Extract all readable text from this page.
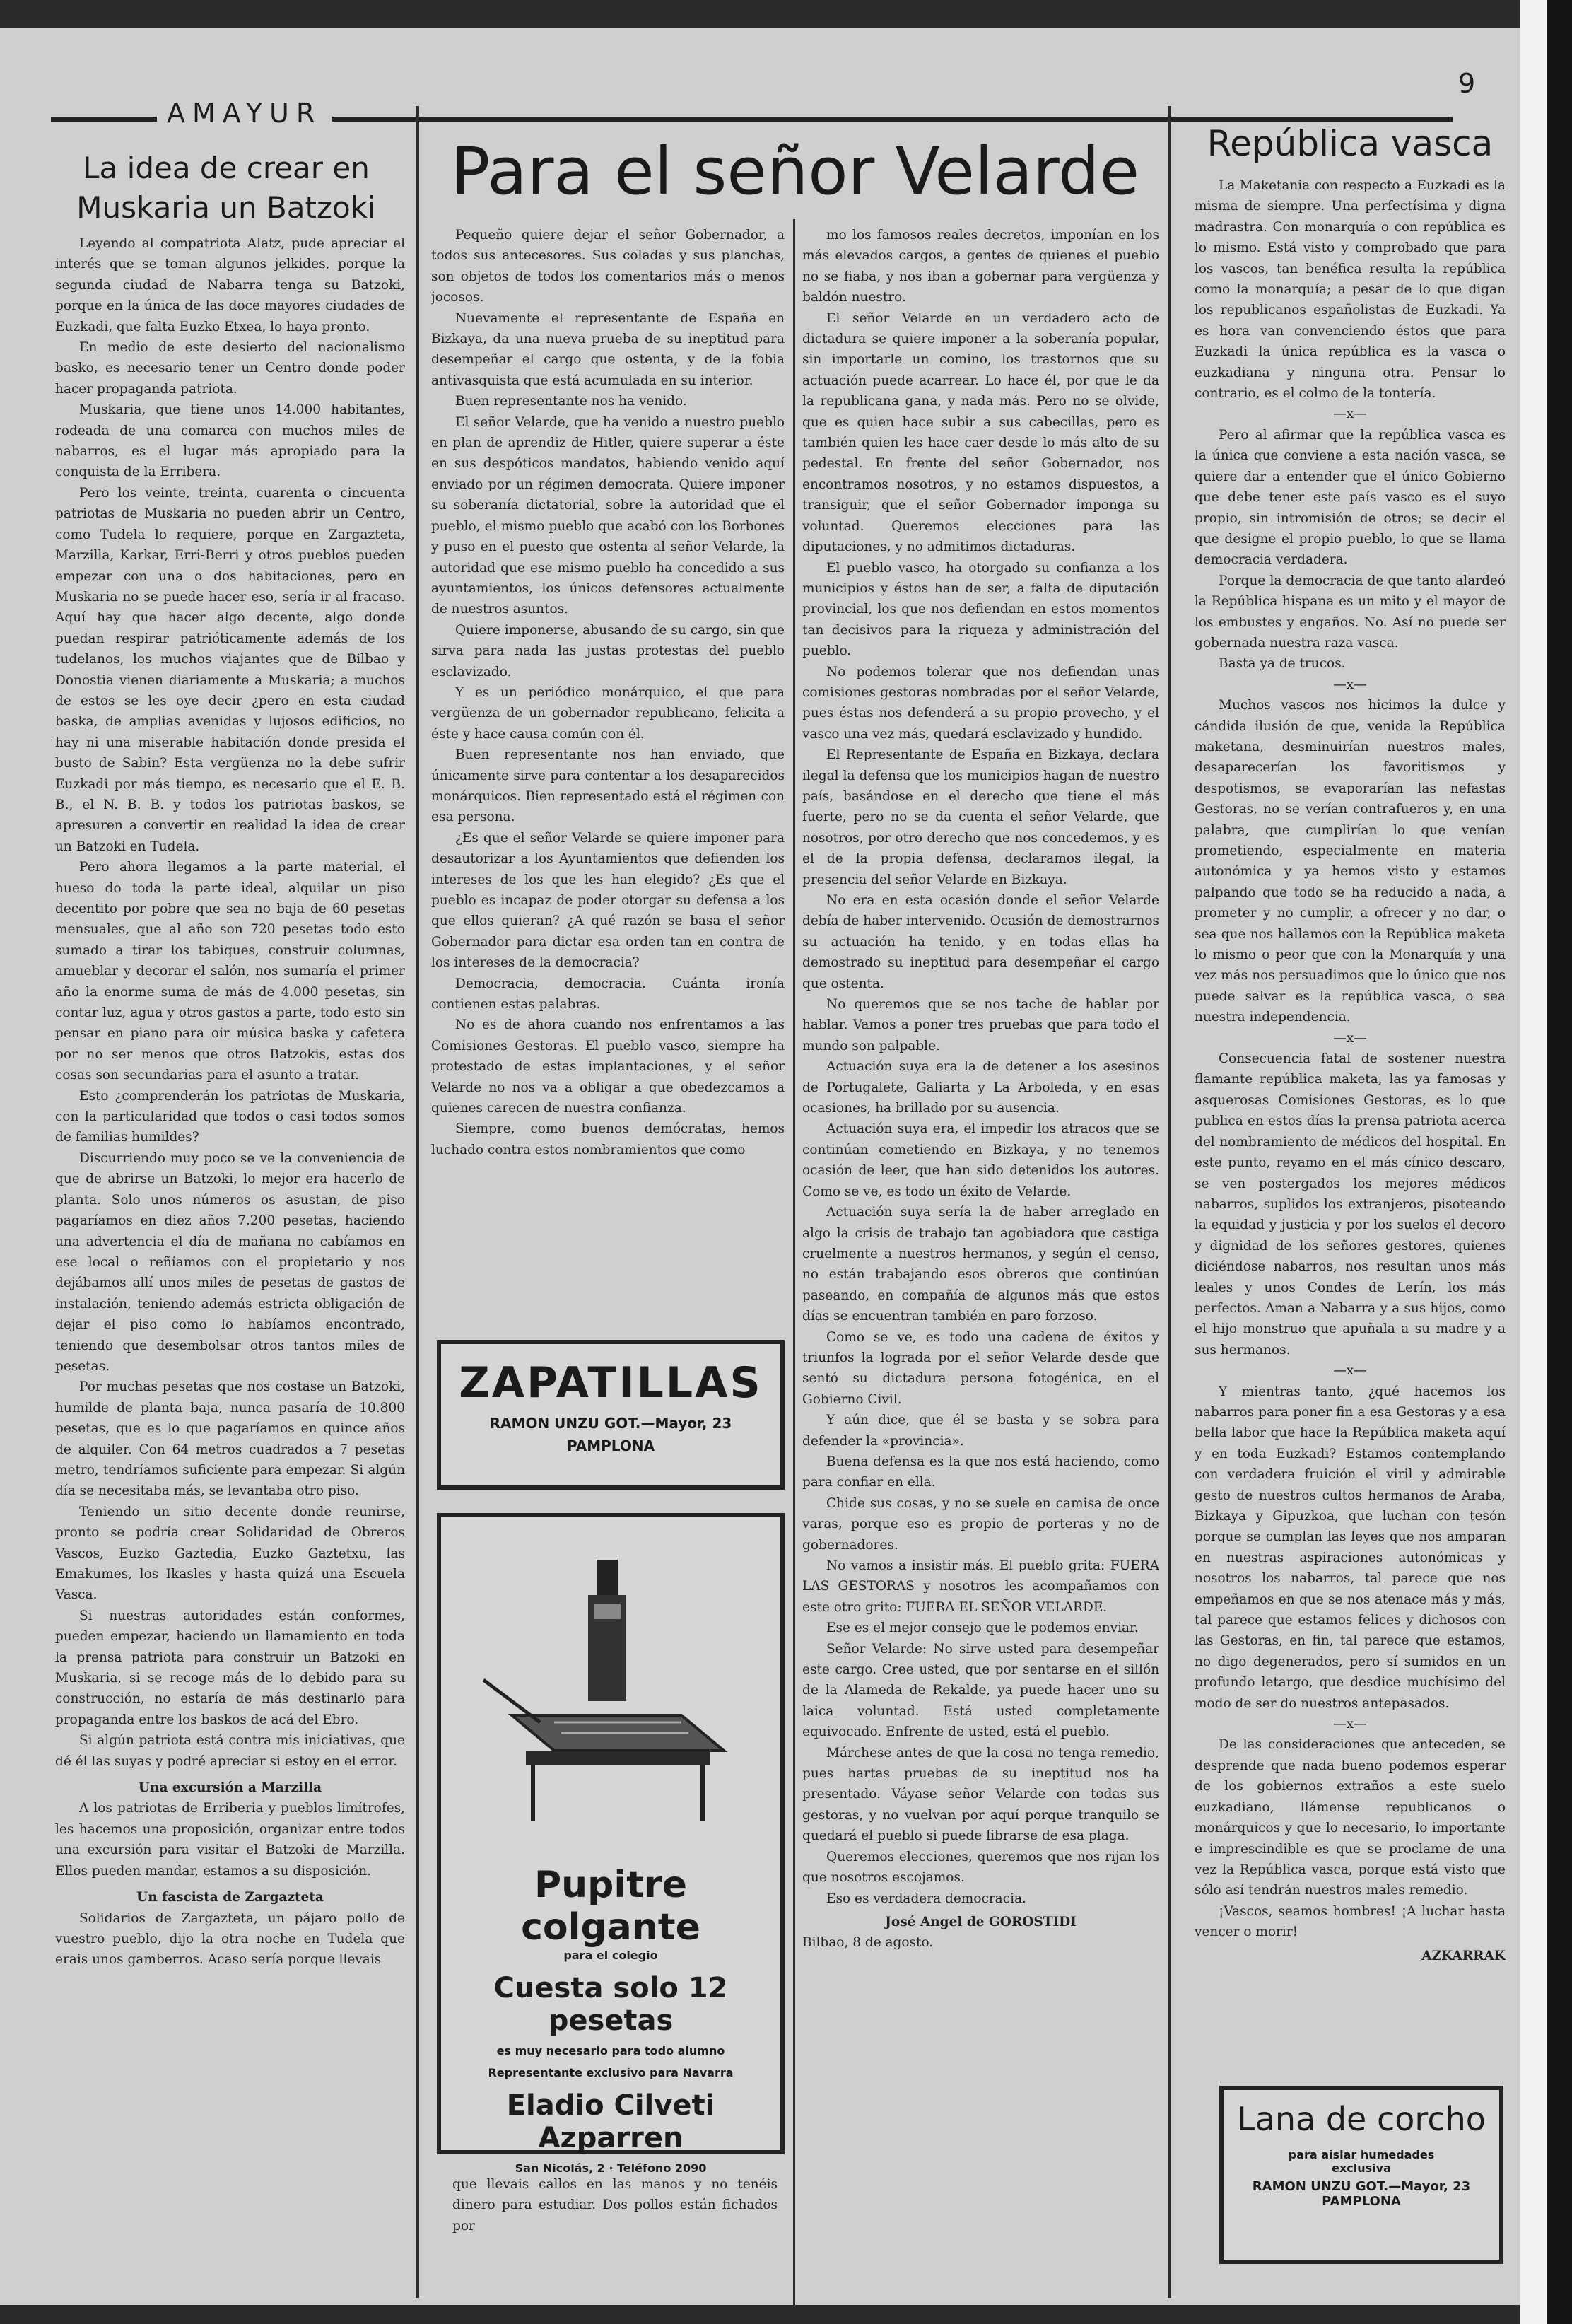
AMAYUR
9
La idea de crear en Muskaria un Batzoki

Leyendo al compatriota Alatz, pude apreciar el interés que se toman algunos jelkides, porque la segunda ciudad de Nabarra tenga su Batzoki, porque en la única de las doce mayores ciudades de Euzkadi, que falta Euzko Etxea, lo haya pronto.

En medio de este desierto del nacionalismo basko, es necesario tener un Centro donde poder hacer propaganda patriota.

Muskaria, que tiene unos 14.000 habitantes, rodeada de una comarca con muchos miles de nabarros, es el lugar más apropiado para la conquista de la Erribera.

Pero los veinte, treinta, cuarenta o cincuenta patriotas de Muskaria no pueden abrir un Centro, como Tudela lo requiere, porque en Zargazteta, Marzilla, Karkar, Erri-Berri y otros pueblos pueden empezar con una o dos habitaciones, pero en Muskaria no se puede hacer eso, sería ir al fracaso. Aquí hay que hacer algo decente, algo donde puedan respirar patrióticamente además de los tudelanos, los muchos viajantes que de Bilbao y Donostia vienen diariamente a Muskaria; a muchos de estos se les oye decir ¿pero en esta ciudad baska, de amplias avenidas y lujosos edificios, no hay ni una miserable habitación donde presida el busto de Sabin? Esta vergüenza no la debe sufrir Euzkadi por más tiempo, es necesario que el E. B. B., el N. B. B. y todos los patriotas baskos, se apresuren a convertir en realidad la idea de crear un Batzoki en Tudela.

Pero ahora llegamos a la parte material, el hueso do toda la parte ideal, alquilar un piso decentito por pobre que sea no baja de 60 pesetas mensuales, que al año son 720 pesetas todo esto sumado a tirar los tabiques, construir columnas, amueblar y decorar el salón, nos sumaría el primer año la enorme suma de más de 4.000 pesetas, sin contar luz, agua y otros gastos a parte, todo esto sin pensar en piano para oir música baska y cafetera por no ser menos que otros Batzokis, estas dos cosas son secundarias para el asunto a tratar.

Esto ¿comprenderán los patriotas de Muskaria, con la particularidad que todos o casi todos somos de familias humildes?

Discurriendo muy poco se ve la conveniencia de que de abrirse un Batzoki, lo mejor era hacerlo de planta. Solo unos números os asustan, de piso pagaríamos en diez años 7.200 pesetas, haciendo una advertencia el día de mañana no cabíamos en ese local o reñíamos con el propietario y nos dejábamos allí unos miles de pesetas de gastos de instalación, teniendo además estricta obligación de dejar el piso como lo habíamos encontrado, teniendo que desembolsar otros tantos miles de pesetas.

Por muchas pesetas que nos costase un Batzoki, humilde de planta baja, nunca pasaría de 10.800 pesetas, que es lo que pagaríamos en quince años de alquiler. Con 64 metros cuadrados a 7 pesetas metro, tendríamos suficiente para empezar. Si algún día se necesitaba más, se levantaba otro piso.

Teniendo un sitio decente donde reunirse, pronto se podría crear Solidaridad de Obreros Vascos, Euzko Gaztedia, Euzko Gaztetxu, las Emakumes, los Ikasles y hasta quizá una Escuela Vasca.

Si nuestras autoridades están conformes, pueden empezar, haciendo un llamamiento en toda la prensa patriota para construir un Batzoki en Muskaria, si se recoge más de lo debido para su construcción, no estaría de más destinarlo para propaganda entre los baskos de acá del Ebro.

Si algún patriota está contra mis iniciativas, que dé él las suyas y podré apreciar si estoy en el error.

Una excursión a Marzilla

A los patriotas de Erriberia y pueblos limítrofes, les hacemos una proposición, organizar entre todos una excursión para visitar el Batzoki de Marzilla. Ellos pueden mandar, estamos a su disposición.

Un fascista de Zargazteta

Solidarios de Zargazteta, un pájaro pollo de vuestro pueblo, dijo la otra noche en Tudela que erais unos gamberros. Acaso sería porque llevais

Para el señor Velarde

Pequeño quiere dejar el señor Gobernador, a todos sus antecesores. Sus coladas y sus planchas, son objetos de todos los comentarios más o menos jocosos.

Nuevamente el representante de España en Bizkaya, da una nueva prueba de su ineptitud para desempeñar el cargo que ostenta, y de la fobia antivasquista que está acumulada en su interior.

Buen representante nos ha venido.

El señor Velarde, que ha venido a nuestro pueblo en plan de aprendiz de Hitler, quiere superar a éste en sus despóticos mandatos, habiendo venido aquí enviado por un régimen democrata. Quiere imponer su soberanía dictatorial, sobre la autoridad que el pueblo, el mismo pueblo que acabó con los Borbones y puso en el puesto que ostenta al señor Velarde, la autoridad que ese mismo pueblo ha concedido a sus ayuntamientos, los únicos defensores actualmente de nuestros asuntos.

Quiere imponerse, abusando de su cargo, sin que sirva para nada las justas protestas del pueblo esclavizado.

Y es un periódico monárquico, el que para vergüenza de un gobernador republicano, felicita a éste y hace causa común con él.

Buen representante nos han enviado, que únicamente sirve para contentar a los desaparecidos monárquicos. Bien representado está el régimen con esa persona.

¿Es que el señor Velarde se quiere imponer para desautorizar a los Ayuntamientos que defienden los intereses de los que les han elegido? ¿Es que el pueblo es incapaz de poder otorgar su defensa a los que ellos quieran? ¿A qué razón se basa el señor Gobernador para dictar esa orden tan en contra de los intereses de la democracia?

Democracia, democracia. Cuánta ironía contienen estas palabras.

No es de ahora cuando nos enfrentamos a las Comisiones Gestoras. El pueblo vasco, siempre ha protestado de estas implantaciones, y el señor Velarde no nos va a obligar a que obedezcamos a quienes carecen de nuestra confianza.

Siempre, como buenos demócratas, hemos luchado contra estos nombramientos que como

ZAPATILLAS
RAMON UNZU GOT.—Mayor, 23
PAMPLONA
Pupitre colgante
para el colegio
Cuesta solo 12 pesetas
es muy necesario para todo alumno
Representante exclusivo para Navarra
Eladio Cilveti Azparren
San Nicolás, 2 · Teléfono 2090

que llevais callos en las manos y no tenéis dinero para estudiar. Dos pollos están fichados por

mo los famosos reales decretos, imponían en los más elevados cargos, a gentes de quienes el pueblo no se fiaba, y nos iban a gobernar para vergüenza y baldón nuestro.

El señor Velarde en un verdadero acto de dictadura se quiere imponer a la soberanía popular, sin importarle un comino, los trastornos que su actuación puede acarrear. Lo hace él, por que le da la republicana gana, y nada más. Pero no se olvide, que es quien hace subir a sus cabecillas, pero es también quien les hace caer desde lo más alto de su pedestal. En frente del señor Gobernador, nos encontramos nosotros, y no estamos dispuestos, a transiguir, que el señor Gobernador imponga su voluntad. Queremos elecciones para las diputaciones, y no admitimos dictaduras.

El pueblo vasco, ha otorgado su confianza a los municipios y éstos han de ser, a falta de diputación provincial, los que nos defiendan en estos momentos tan decisivos para la riqueza y administración del pueblo.

No podemos tolerar que nos defiendan unas comisiones gestoras nombradas por el señor Velarde, pues éstas nos defenderá a su propio provecho, y el vasco una vez más, quedará esclavizado y hundido.

El Representante de España en Bizkaya, declara ilegal la defensa que los municipios hagan de nuestro país, basándose en el derecho que tiene el más fuerte, pero no se da cuenta el señor Velarde, que nosotros, por otro derecho que nos concedemos, y es el de la propia defensa, declaramos ilegal, la presencia del señor Velarde en Bizkaya.

No era en esta ocasión donde el señor Velarde debía de haber intervenido. Ocasión de demostrarnos su actuación ha tenido, y en todas ellas ha demostrado su ineptitud para desempeñar el cargo que ostenta.

No queremos que se nos tache de hablar por hablar. Vamos a poner tres pruebas que para todo el mundo son palpable.

Actuación suya era la de detener a los asesinos de Portugalete, Galiarta y La Arboleda, y en esas ocasiones, ha brillado por su ausencia.

Actuación suya era, el impedir los atracos que se continúan cometiendo en Bizkaya, y no tenemos ocasión de leer, que han sido detenidos los autores. Como se ve, es todo un éxito de Velarde.

Actuación suya sería la de haber arreglado en algo la crisis de trabajo tan agobiadora que castiga cruelmente a nuestros hermanos, y según el censo, no están trabajando esos obreros que continúan paseando, en compañía de algunos más que estos días se encuentran también en paro forzoso.

Como se ve, es todo una cadena de éxitos y triunfos la lograda por el señor Velarde desde que sentó su dictadura persona fotogénica, en el Gobierno Civil.

Y aún dice, que él se basta y se sobra para defender la «provincia».

Buena defensa es la que nos está haciendo, como para confiar en ella.

Chide sus cosas, y no se suele en camisa de once varas, porque eso es propio de porteras y no de gobernadores.

No vamos a insistir más. El pueblo grita: FUERA LAS GESTORAS y nosotros les acompañamos con este otro grito: FUERA EL SEÑOR VELARDE.

Ese es el mejor consejo que le podemos enviar.

Señor Velarde: No sirve usted para desempeñar este cargo. Cree usted, que por sentarse en el sillón de la Alameda de Rekalde, ya puede hacer uno su laica voluntad. Está usted completamente equivocado. Enfrente de usted, está el pueblo.

Márchese antes de que la cosa no tenga remedio, pues hartas pruebas de su ineptitud nos ha presentado. Váyase señor Velarde con todas sus gestoras, y no vuelvan por aquí porque tranquilo se quedará el pueblo si puede librarse de esa plaga.

Queremos elecciones, queremos que nos rijan los que nosotros escojamos.

Eso es verdadera democracia.

José Angel de GOROSTIDI
Bilbao, 8 de agosto.
República vasca

La Maketania con respecto a Euzkadi es la misma de siempre. Una perfectísima y digna madrastra. Con monarquía o con república es lo mismo. Está visto y comprobado que para los vascos, tan benéfica resulta la república como la monarquía; a pesar de lo que digan los republicanos españolistas de Euzkadi. Ya es hora van convenciendo éstos que para Euzkadi la única república es la vasca o euzkadiana y ninguna otra. Pensar lo contrario, es el colmo de la tontería.

—x—

Pero al afirmar que la república vasca es la única que conviene a esta nación vasca, se quiere dar a entender que el único Gobierno que debe tener este país vasco es el suyo propio, sin intromisión de otros; se decir el que designe el propio pueblo, lo que se llama democracia verdadera.

Porque la democracia de que tanto alardeó la República hispana es un mito y el mayor de los embustes y engaños. No. Así no puede ser gobernada nuestra raza vasca.

Basta ya de trucos.

—x—

Muchos vascos nos hicimos la dulce y cándida ilusión de que, venida la República maketana, desminuirían nuestros males, desaparecerían los favoritismos y despotismos, se evaporarían las nefastas Gestoras, no se verían contrafueros y, en una palabra, que cumplirían lo que venían prometiendo, especialmente en materia autonómica y ya hemos visto y estamos palpando que todo se ha reducido a nada, a prometer y no cumplir, a ofrecer y no dar, o sea que nos hallamos con la República maketa lo mismo o peor que con la Monarquía y una vez más nos persuadimos que lo único que nos puede salvar es la república vasca, o sea nuestra independencia.

—x—

Consecuencia fatal de sostener nuestra flamante república maketa, las ya famosas y asquerosas Comisiones Gestoras, es lo que publica en estos días la prensa patriota acerca del nombramiento de médicos del hospital. En este punto, reyamo en el más cínico descaro, se ven postergados los mejores médicos nabarros, suplidos los extranjeros, pisoteando la equidad y justicia y por los suelos el decoro y dignidad de los señores gestores, quienes diciéndose nabarros, nos resultan unos más leales y unos Condes de Lerín, los más perfectos. Aman a Nabarra y a sus hijos, como el hijo monstruo que apuñala a su madre y a sus hermanos.

—x—

Y mientras tanto, ¿qué hacemos los nabarros para poner fin a esa Gestoras y a esa bella labor que hace la República maketa aquí y en toda Euzkadi? Estamos contemplando con verdadera fruición el viril y admirable gesto de nuestros cultos hermanos de Araba, Bizkaya y Gipuzkoa, que luchan con tesón porque se cumplan las leyes que nos amparan en nuestras aspiraciones autonómicas y nosotros los nabarros, tal parece que nos empeñamos en que se nos atenace más y más, tal parece que estamos felices y dichosos con las Gestoras, en fin, tal parece que estamos, no digo degenerados, pero sí sumidos en un profundo letargo, que desdice muchísimo del modo de ser do nuestros antepasados.

—x—

De las consideraciones que anteceden, se desprende que nada bueno podemos esperar de los gobiernos extraños a este suelo euzkadiano, llámense republicanos o monárquicos y que lo necesario, lo importante e imprescindible es que se proclame de una vez la República vasca, porque está visto que sólo así tendrán nuestros males remedio.

¡Vascos, seamos hombres! ¡A luchar hasta vencer o morir!

AZKARRAK
Lana de corcho
para aislar humedades
exclusiva
RAMON UNZU GOT.—Mayor, 23
PAMPLONA
